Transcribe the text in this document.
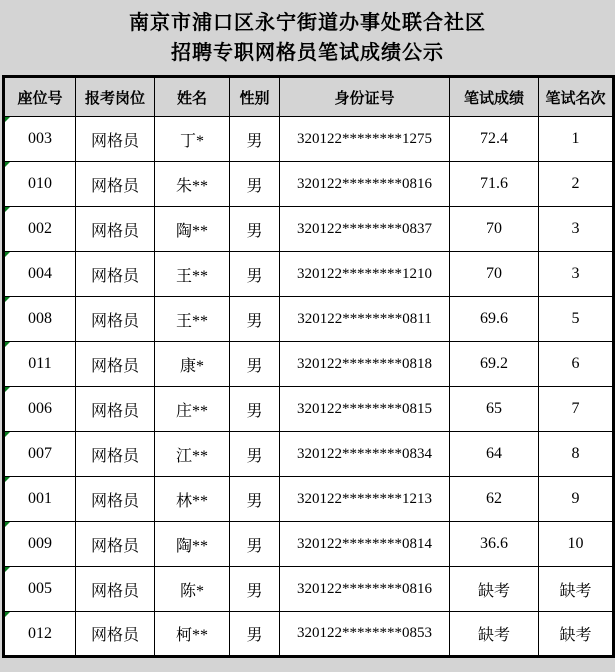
南京市浦口区永宁街道办事处联合社区
招聘专职网格员笔试成绩公示
座位号	报考岗位	姓名	性别	身份证号	笔试成绩	笔试名次

003	网格员	丁*	男	320122********1275	72.4	1

010	网格员	朱**	男	320122********0816	71.6	2

002	网格员	陶**	男	320122********0837	70	3

004	网格员	王**	男	320122********1210	70	3

008	网格员	王**	男	320122********0811	69.6	5

011	网格员	康*	男	320122********0818	69.2	6

006	网格员	庄**	男	320122********0815	65	7

007	网格员	江**	男	320122********0834	64	8

001	网格员	林**	男	320122********1213	62	9

009	网格员	陶**	男	320122********0814	36.6	10

005	网格员	陈*	男	320122********0816	缺考	缺考

012	网格员	柯**	男	320122********0853	缺考	缺考
